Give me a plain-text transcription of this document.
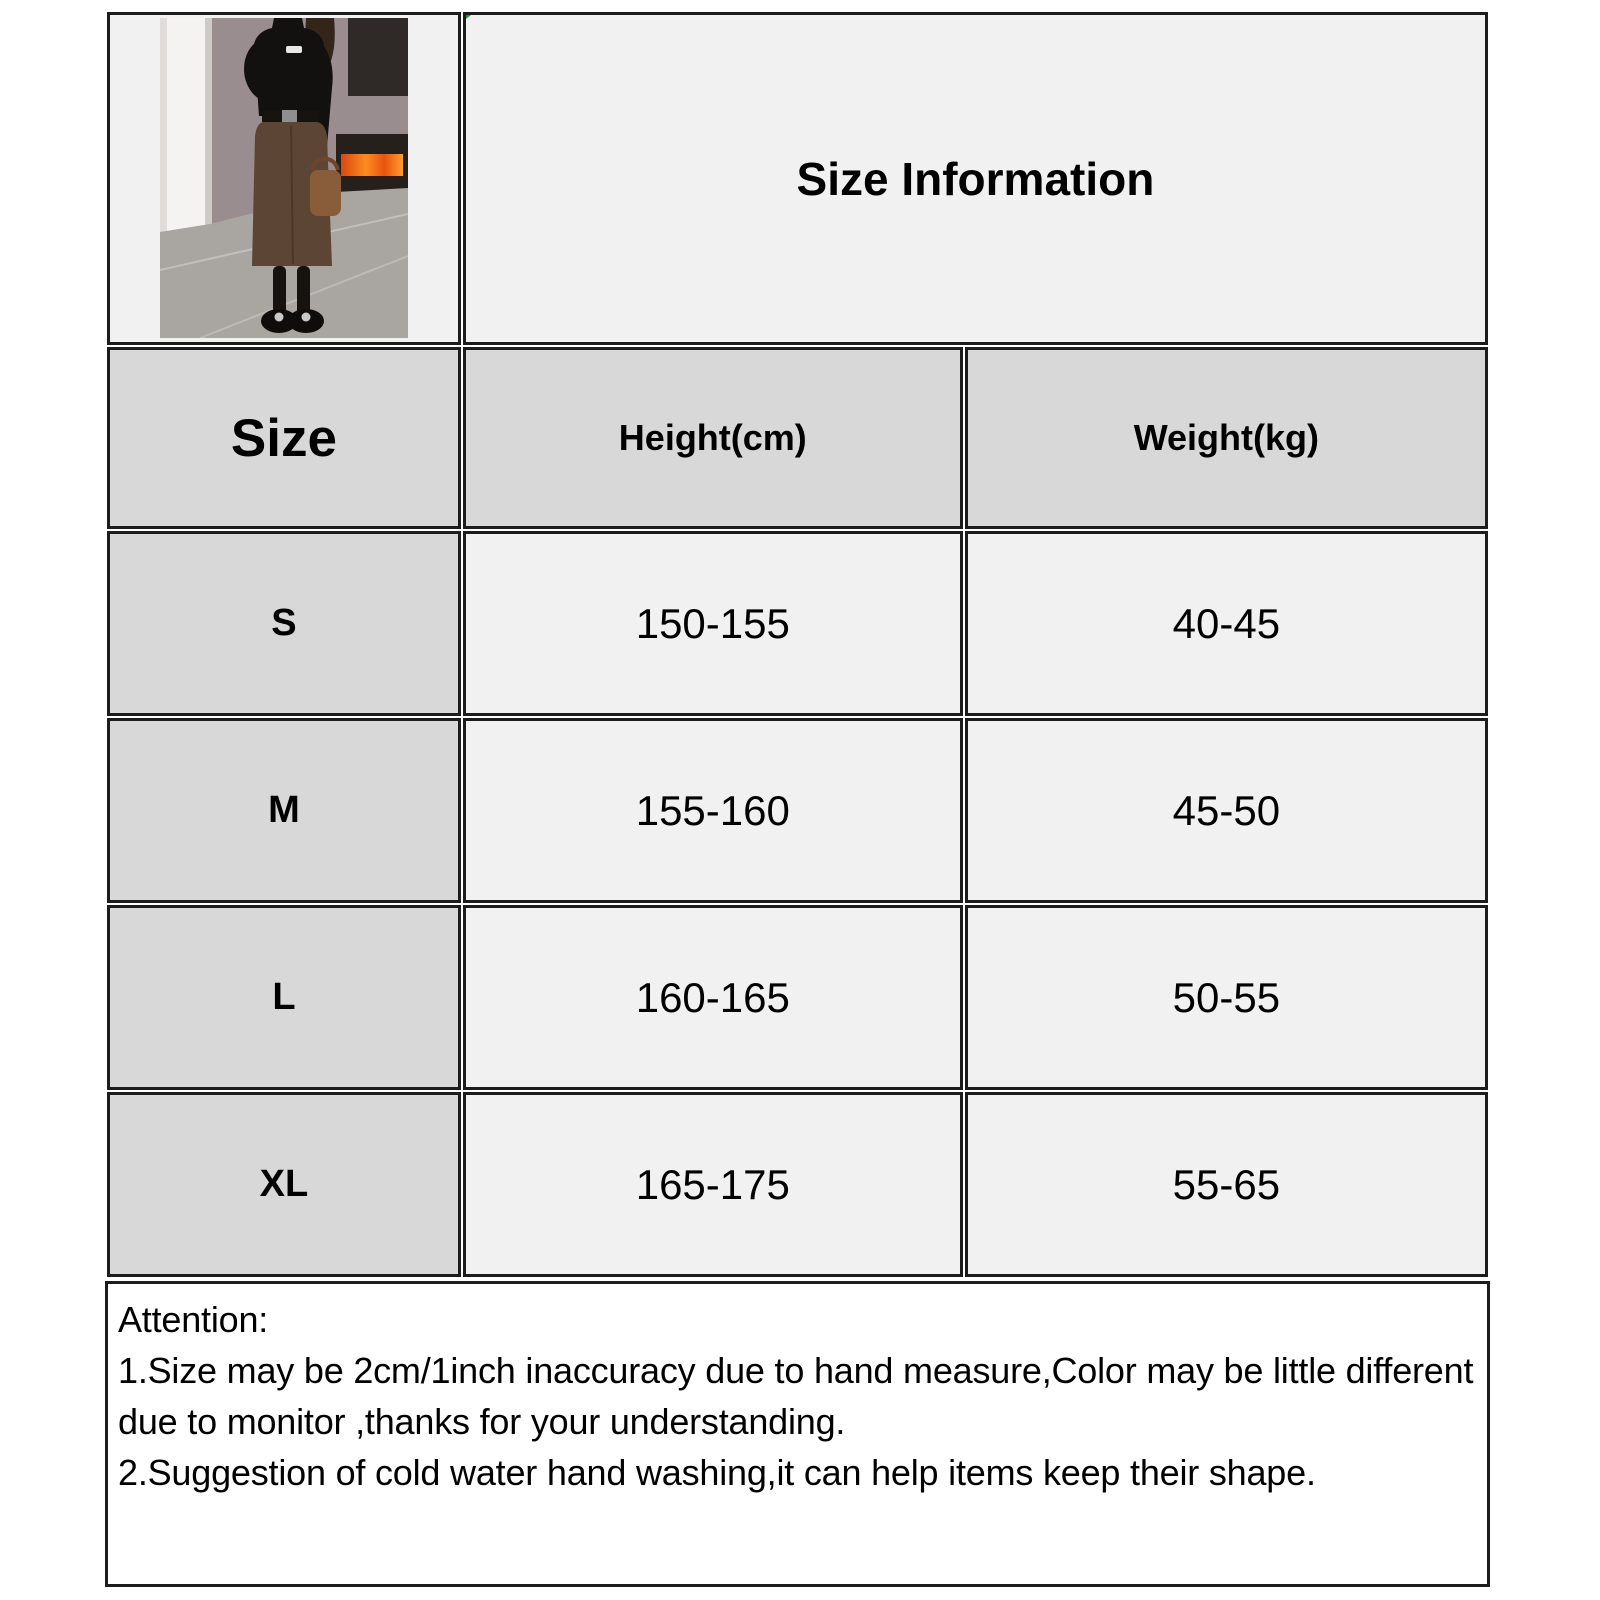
Size Information	
Size	Height(cm)	Weight(kg)
S	150-155	40-45
M	155-160	45-50
L	160-165	50-55
XL	165-175	55-65
Attention:
1.Size may be 2cm/1inch inaccuracy due to hand measure,Color may be little different due to monitor ,thanks for your understanding.
2.Suggestion of cold water hand washing,it can help items keep their shape.
